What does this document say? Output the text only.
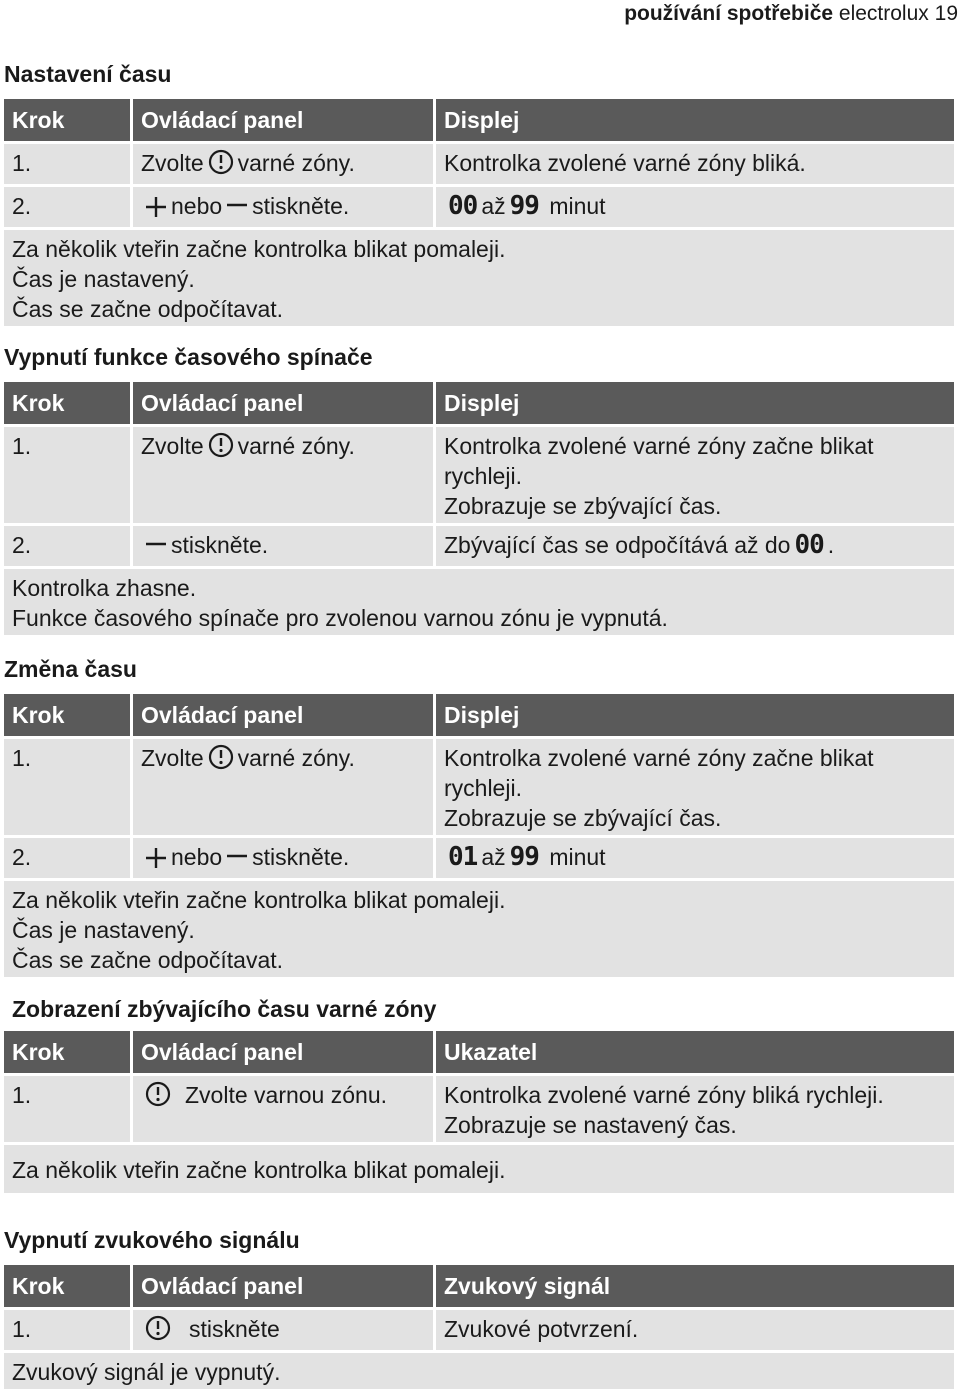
používání spotřebiče electrolux 19
Nastavení času
Krok	Ovládací panel	Displej
1.	Zvolte varné zóny.	Kontrolka zvolené varné zóny bliká.
2.	nebo stiskněte.	00 až 99 minut

Za několik vteřin začne kontrolka blikat pomaleji.
Čas je nastavený.
Čas se začne odpočítavat.		
Vypnutí funkce časového spínače
Krok	Ovládací panel	Displej
1.	Zvolte varné zóny.	Kontrolka zvolené varné zóny začne blikat rychleji.
Zobrazuje se zbývající čas.

2.	stiskněte.	Zbývající čas se odpočítává až do 00 .

Kontrolka zhasne.
Funkce časového spínače pro zvolenou varnou zónu je vypnutá.		
Změna času
Krok	Ovládací panel	Displej
1.	Zvolte varné zóny.	Kontrolka zvolené varné zóny začne blikat rychleji.
Zobrazuje se zbývající čas.

2.	nebo stiskněte.	01 až 99 minut

Za několik vteřin začne kontrolka blikat pomaleji.
Čas je nastavený.
Čas se začne odpočítavat.		
Zobrazení zbývajícího času varné zóny
Krok	Ovládací panel	Ukazatel
1.	Zvolte varnou zónu.	Kontrolka zvolené varné zóny bliká rychleji.
Zobrazuje se nastavený čas.

Za několik vteřin začne kontrolka blikat pomaleji.		
Vypnutí zvukového signálu
Krok	Ovládací panel	Zvukový signál
1.	stiskněte	Zvukové potvrzení.

Zvukový signál je vypnutý.		
